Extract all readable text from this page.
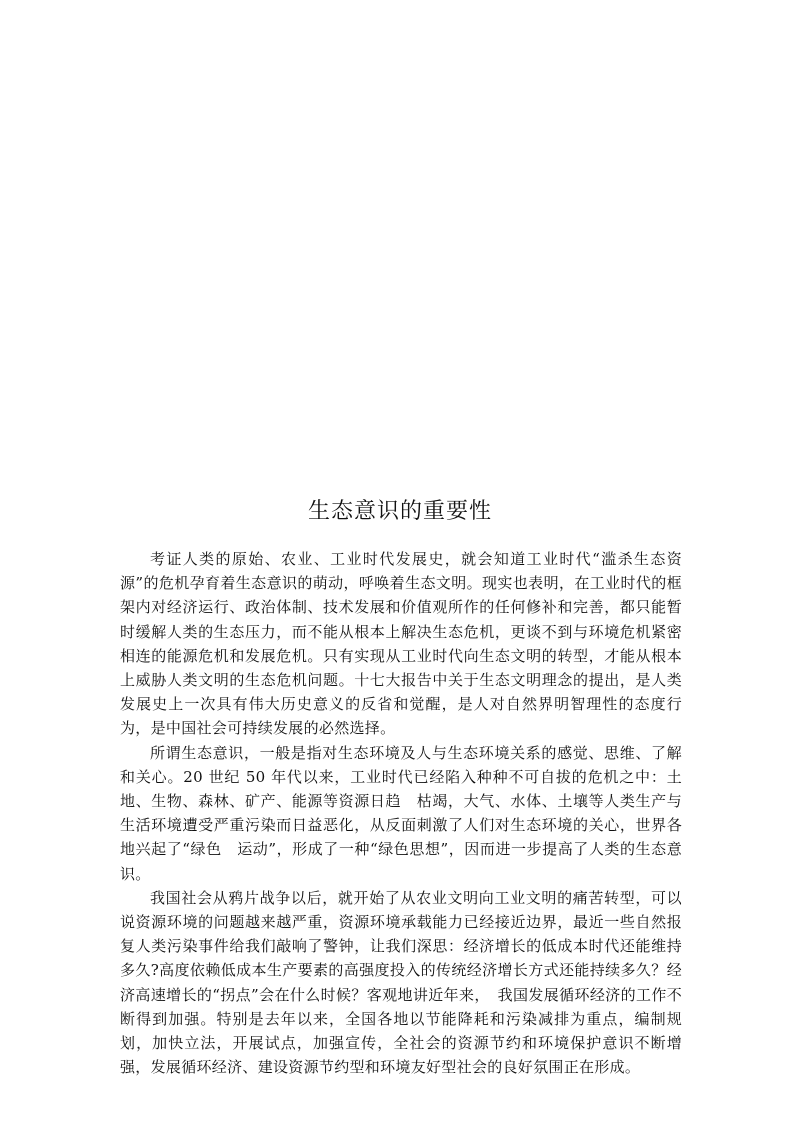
生态意识的重要性

考证人类的原始、农业、工业时代发展史，就会知道工业时代“滥杀生态资源”的危机孕育着生态意识的萌动，呼唤着生态文明。现实也表明，在工业时代的框架内对经济运行、政治体制、技术发展和价值观所作的任何修补和完善，都只能暂时缓解人类的生态压力，而不能从根本上解决生态危机，更谈不到与环境危机紧密相连的能源危机和发展危机。只有实现从工业时代向生态文明的转型，才能从根本上威胁人类文明的生态危机问题。十七大报告中关于生态文明理念的提出，是人类发展史上一次具有伟大历史意义的反省和觉醒，是人对自然界明智理性的态度行为，是中国社会可持续发展的必然选择。

所谓生态意识，一般是指对生态环境及人与生态环境关系的感觉、思维、了解和关心。20 世纪 50 年代以来，工业时代已经陷入种种不可自拔的危机之中：土地、生物、森林、矿产、能源等资源日趋　枯竭，大气、水体、土壤等人类生产与生活环境遭受严重污染而日益恶化，从反面刺激了人们对生态环境的关心，世界各地兴起了“绿色　运动”，形成了一种“绿色思想”，因而进一步提高了人类的生态意识。

我国社会从鸦片战争以后，就开始了从农业文明向工业文明的痛苦转型，可以说资源环境的问题越来越严重，资源环境承载能力已经接近边界，最近一些自然报复人类污染事件给我们敲响了警钟，让我们深思：经济增长的低成本时代还能维持多久?高度依赖低成本生产要素的高强度投入的传统经济增长方式还能持续多久？经济高速增长的“拐点”会在什么时候？客观地讲近年来，　我国发展循环经济的工作不断得到加强。特别是去年以来，全国各地以节能降耗和污染减排为重点，编制规划，加快立法，开展试点，加强宣传，全社会的资源节约和环境保护意识不断增强，发展循环经济、建设资源节约型和环境友好型社会的良好氛围正在形成。
